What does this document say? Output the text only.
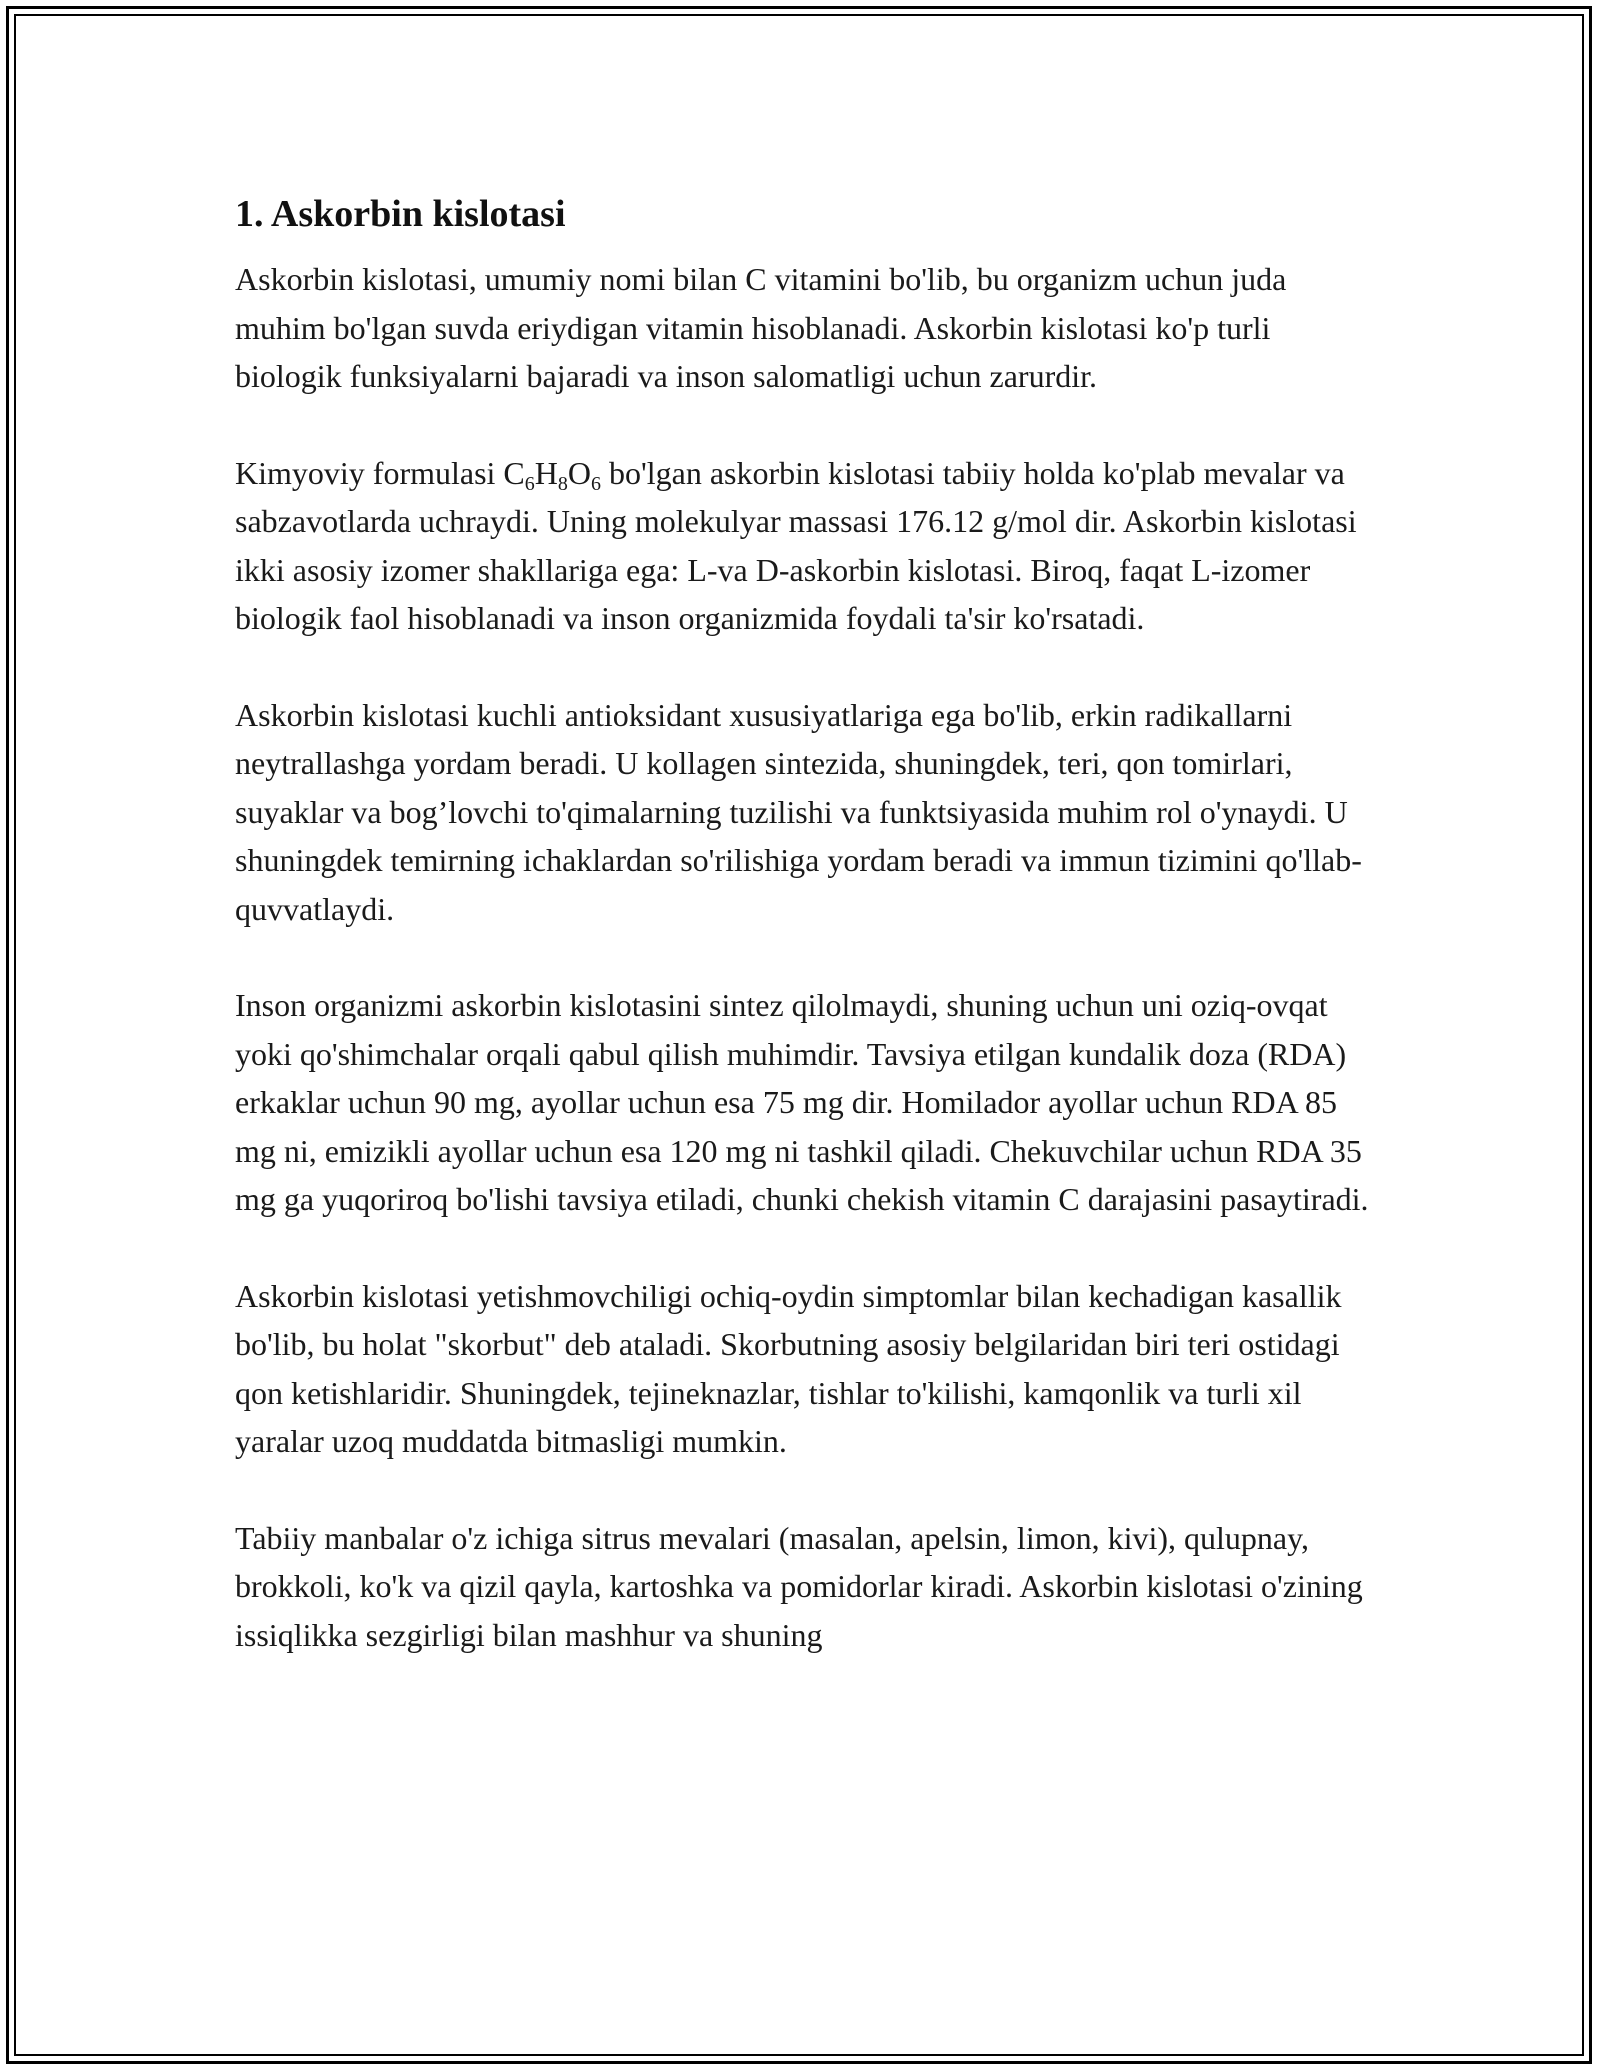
1. Askorbin kislotasi

Askorbin kislotasi, umumiy nomi bilan C vitamini bo'lib, bu organizm uchun juda muhim bo'lgan suvda eriydigan vitamin hisoblanadi. Askorbin kislotasi ko'p turli biologik funksiyalarni bajaradi va inson salomatligi uchun zarurdir.

Kimyoviy formulasi $C_6H_8O_6$ bo'lgan askorbin kislotasi tabiiy holda ko'plab mevalar va sabzavotlarda uchraydi. Uning molekulyar massasi 176.12 g/mol dir. Askorbin kislotasi ikki asosiy izomer shakllariga ega: L-va D-askorbin kislotasi. Biroq, faqat L-izomer biologik faol hisoblanadi va inson organizmida foydali ta'sir ko'rsatadi.

Askorbin kislotasi kuchli antioksidant xususiyatlariga ega bo'lib, erkin radikallarni neytrallashga yordam beradi. U kollagen sintezida, shuningdek, teri, qon tomirlari, suyaklar va bog’lovchi to'qimalarning tuzilishi va funktsiyasida muhim rol o'ynaydi. U shuningdek temirning ichaklardan so'rilishiga yordam beradi va immun tizimini qo'llab-quvvatlaydi.

Inson organizmi askorbin kislotasini sintez qilolmaydi, shuning uchun uni oziq-ovqat yoki qo'shimchalar orqali qabul qilish muhimdir. Tavsiya etilgan kundalik doza (RDA) erkaklar uchun 90 mg, ayollar uchun esa 75 mg dir. Homilador ayollar uchun RDA 85 mg ni, emizikli ayollar uchun esa 120 mg ni tashkil qiladi. Chekuvchilar uchun RDA 35 mg ga yuqoriroq bo'lishi tavsiya etiladi, chunki chekish vitamin C darajasini pasaytiradi.

Askorbin kislotasi yetishmovchiligi ochiq-oydin simptomlar bilan kechadigan kasallik bo'lib, bu holat "skorbut" deb ataladi. Skorbutning asosiy belgilaridan biri teri ostidagi qon ketishlaridir. Shuningdek, tejineknazlar, tishlar to'kilishi, kamqonlik va turli xil yaralar uzoq muddatda bitmasligi mumkin.

Tabiiy manbalar o'z ichiga sitrus mevalari (masalan, apelsin, limon, kivi), qulupnay, brokkoli, ko'k va qizil qayla, kartoshka va pomidorlar kiradi. Askorbin kislotasi o'zining issiqlikka sezgirligi bilan mashhur va shuning
